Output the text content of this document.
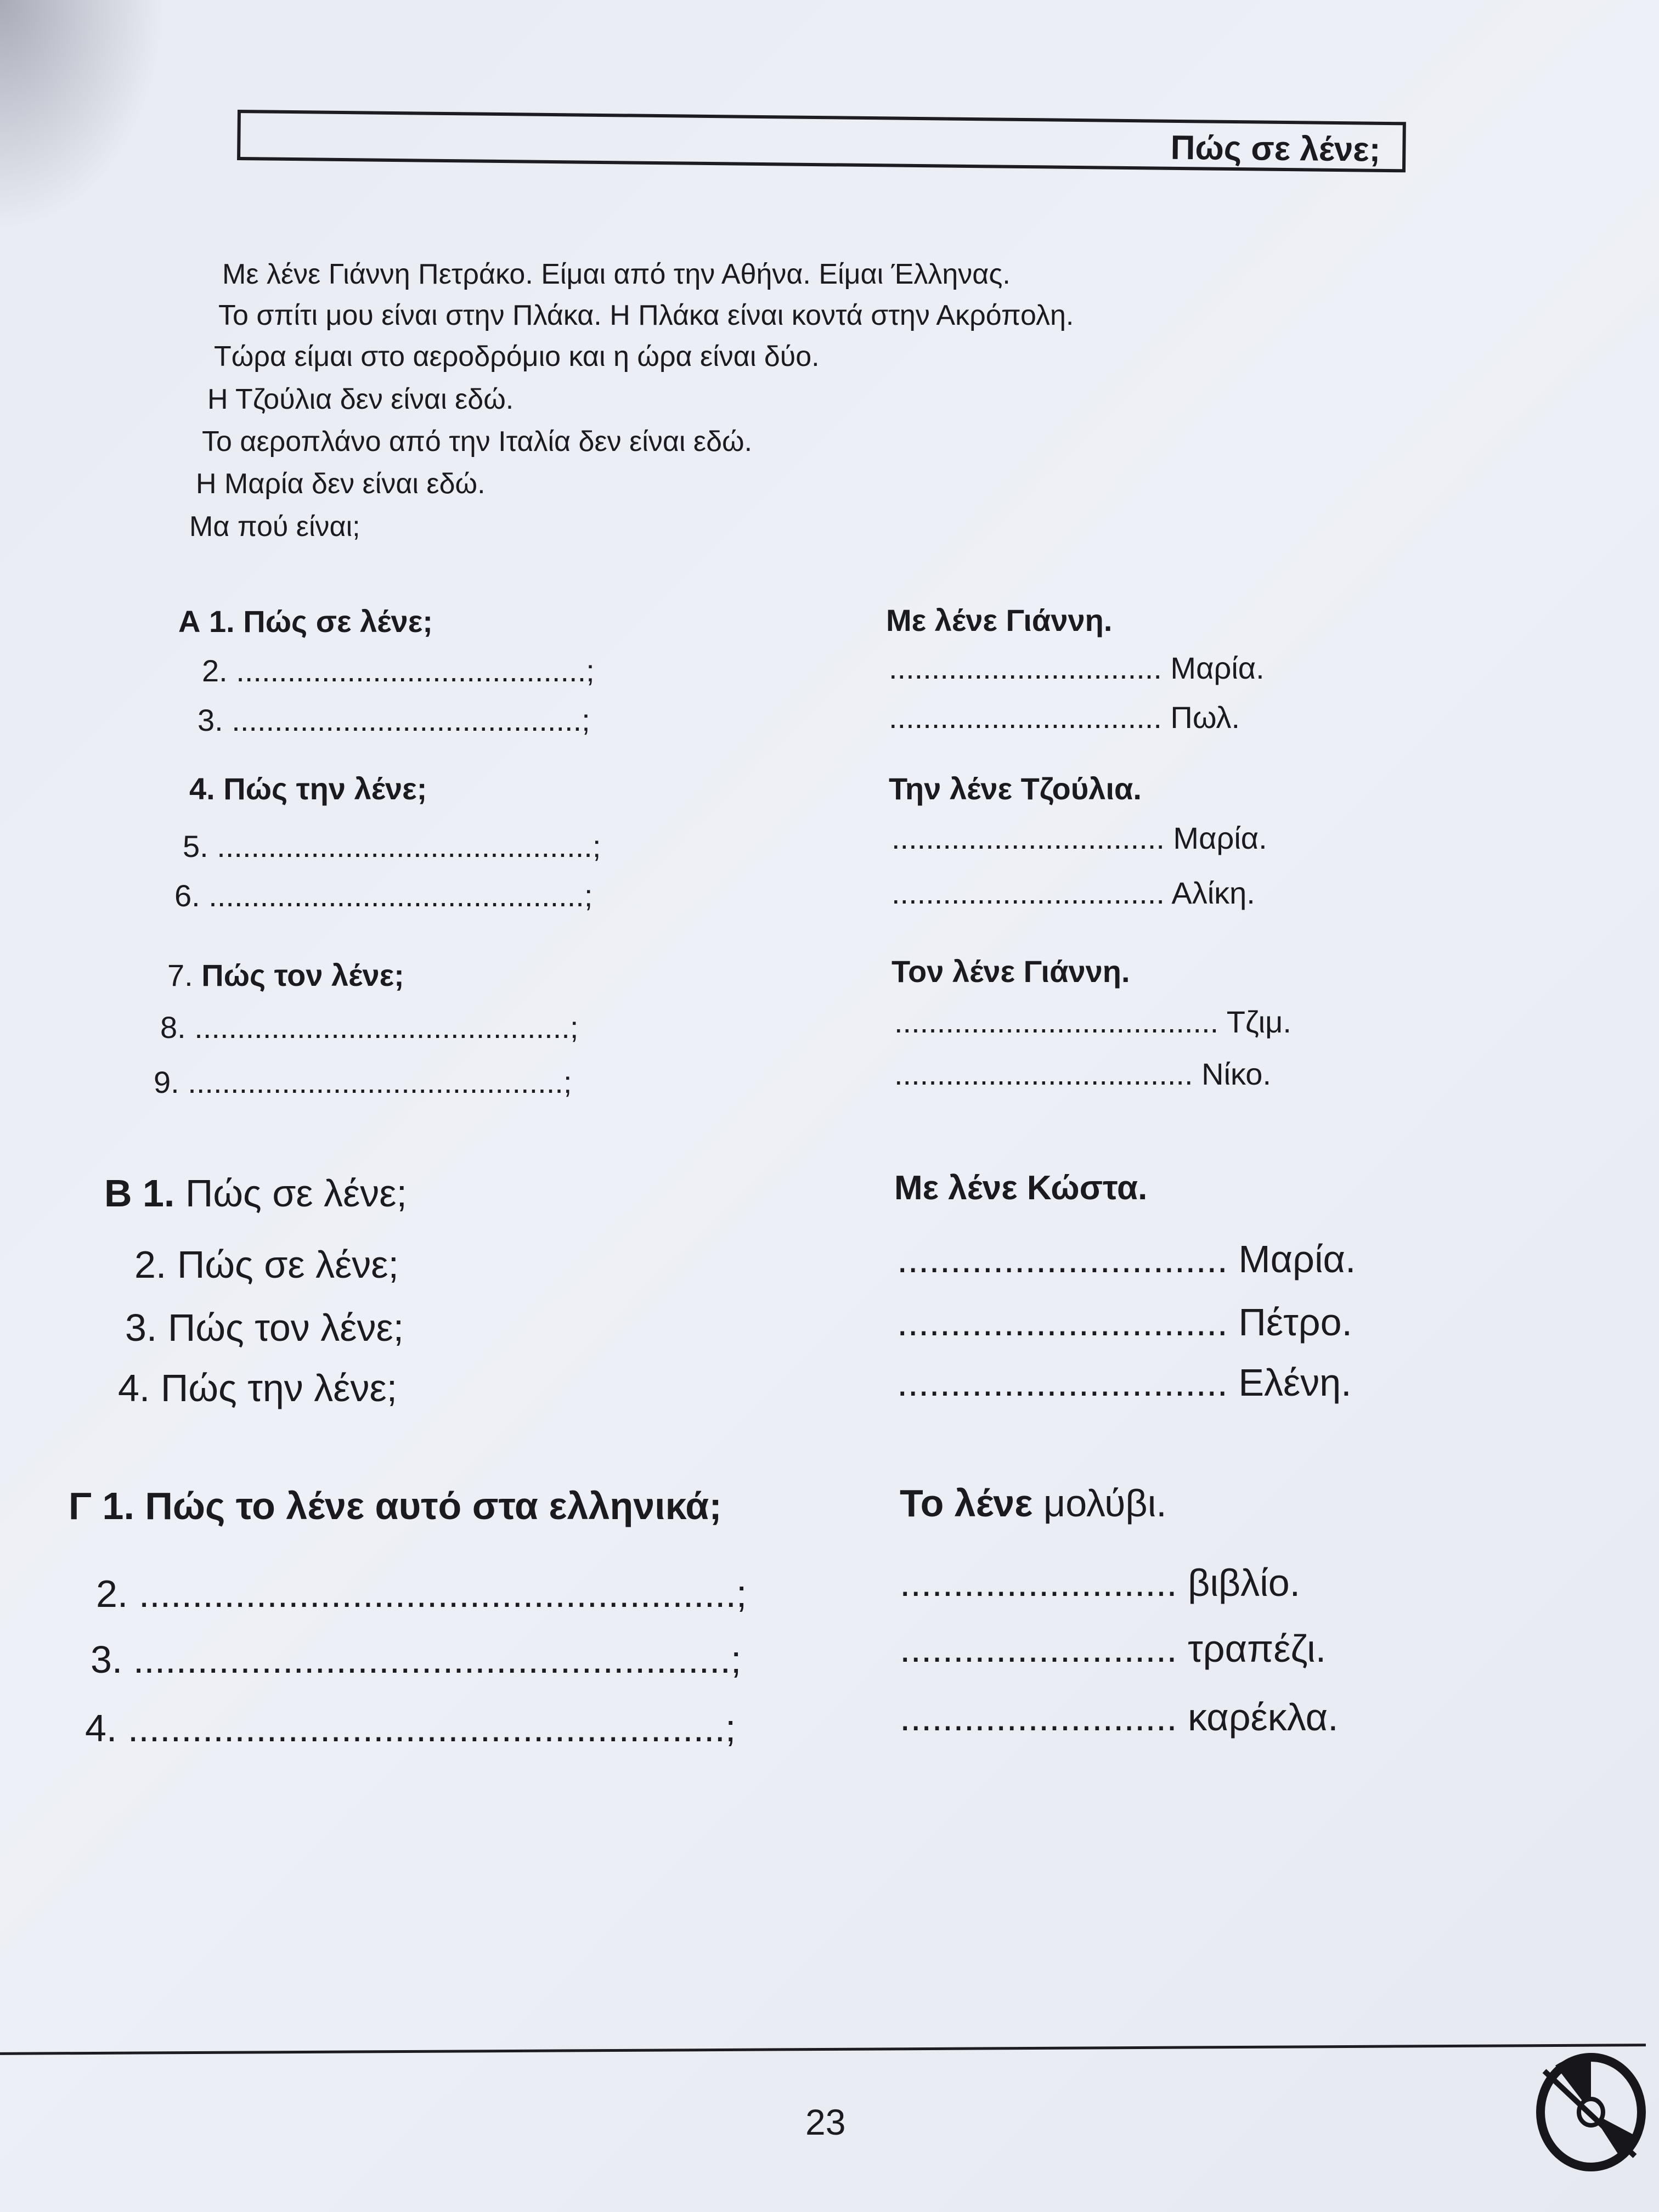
Πώς σε λένε;
Με λένε Γιάννη Πετράκο. Είμαι από την Αθήνα. Είμαι Έλληνας.
Το σπίτι μου είναι στην Πλάκα. Η Πλάκα είναι κοντά στην Ακρόπολη.
Τώρα είμαι στο αεροδρόμιο και η ώρα είναι δύο.
Η Τζούλια δεν είναι εδώ.
Το αεροπλάνο από την Ιταλία δεν είναι εδώ.
Η Μαρία δεν είναι εδώ.
Μα πού είναι;
Α 1. Πώς σε λένε;	Με λένε Γιάννη.
2. .........................................;	................................ Μαρία.
3. .........................................;	................................ Πωλ.
4. Πώς την λένε;	Την λένε Τζούλια.
5. ............................................;	................................ Μαρία.
6. ............................................;	................................ Αλίκη.
7. Πώς τον λένε;	Τον λένε Γιάννη.
8. ............................................;	...................................... Τζιμ.
9. ............................................;	................................... Νίκο.
Β 1. Πώς σε λένε;	Με λένε Κώστα.
2. Πώς σε λένε;	............................... Μαρία.
3. Πώς τον λένε;	............................... Πέτρο.
4. Πώς την λένε;	............................... Ελένη.
Γ 1. Πώς το λένε αυτό στα ελληνικά;	Το λένε μολύβι.
2. ........................................................;	.......................... βιβλίο.
3. ........................................................;	.......................... τραπέζι.
4. ........................................................;	.......................... καρέκλα.
23
